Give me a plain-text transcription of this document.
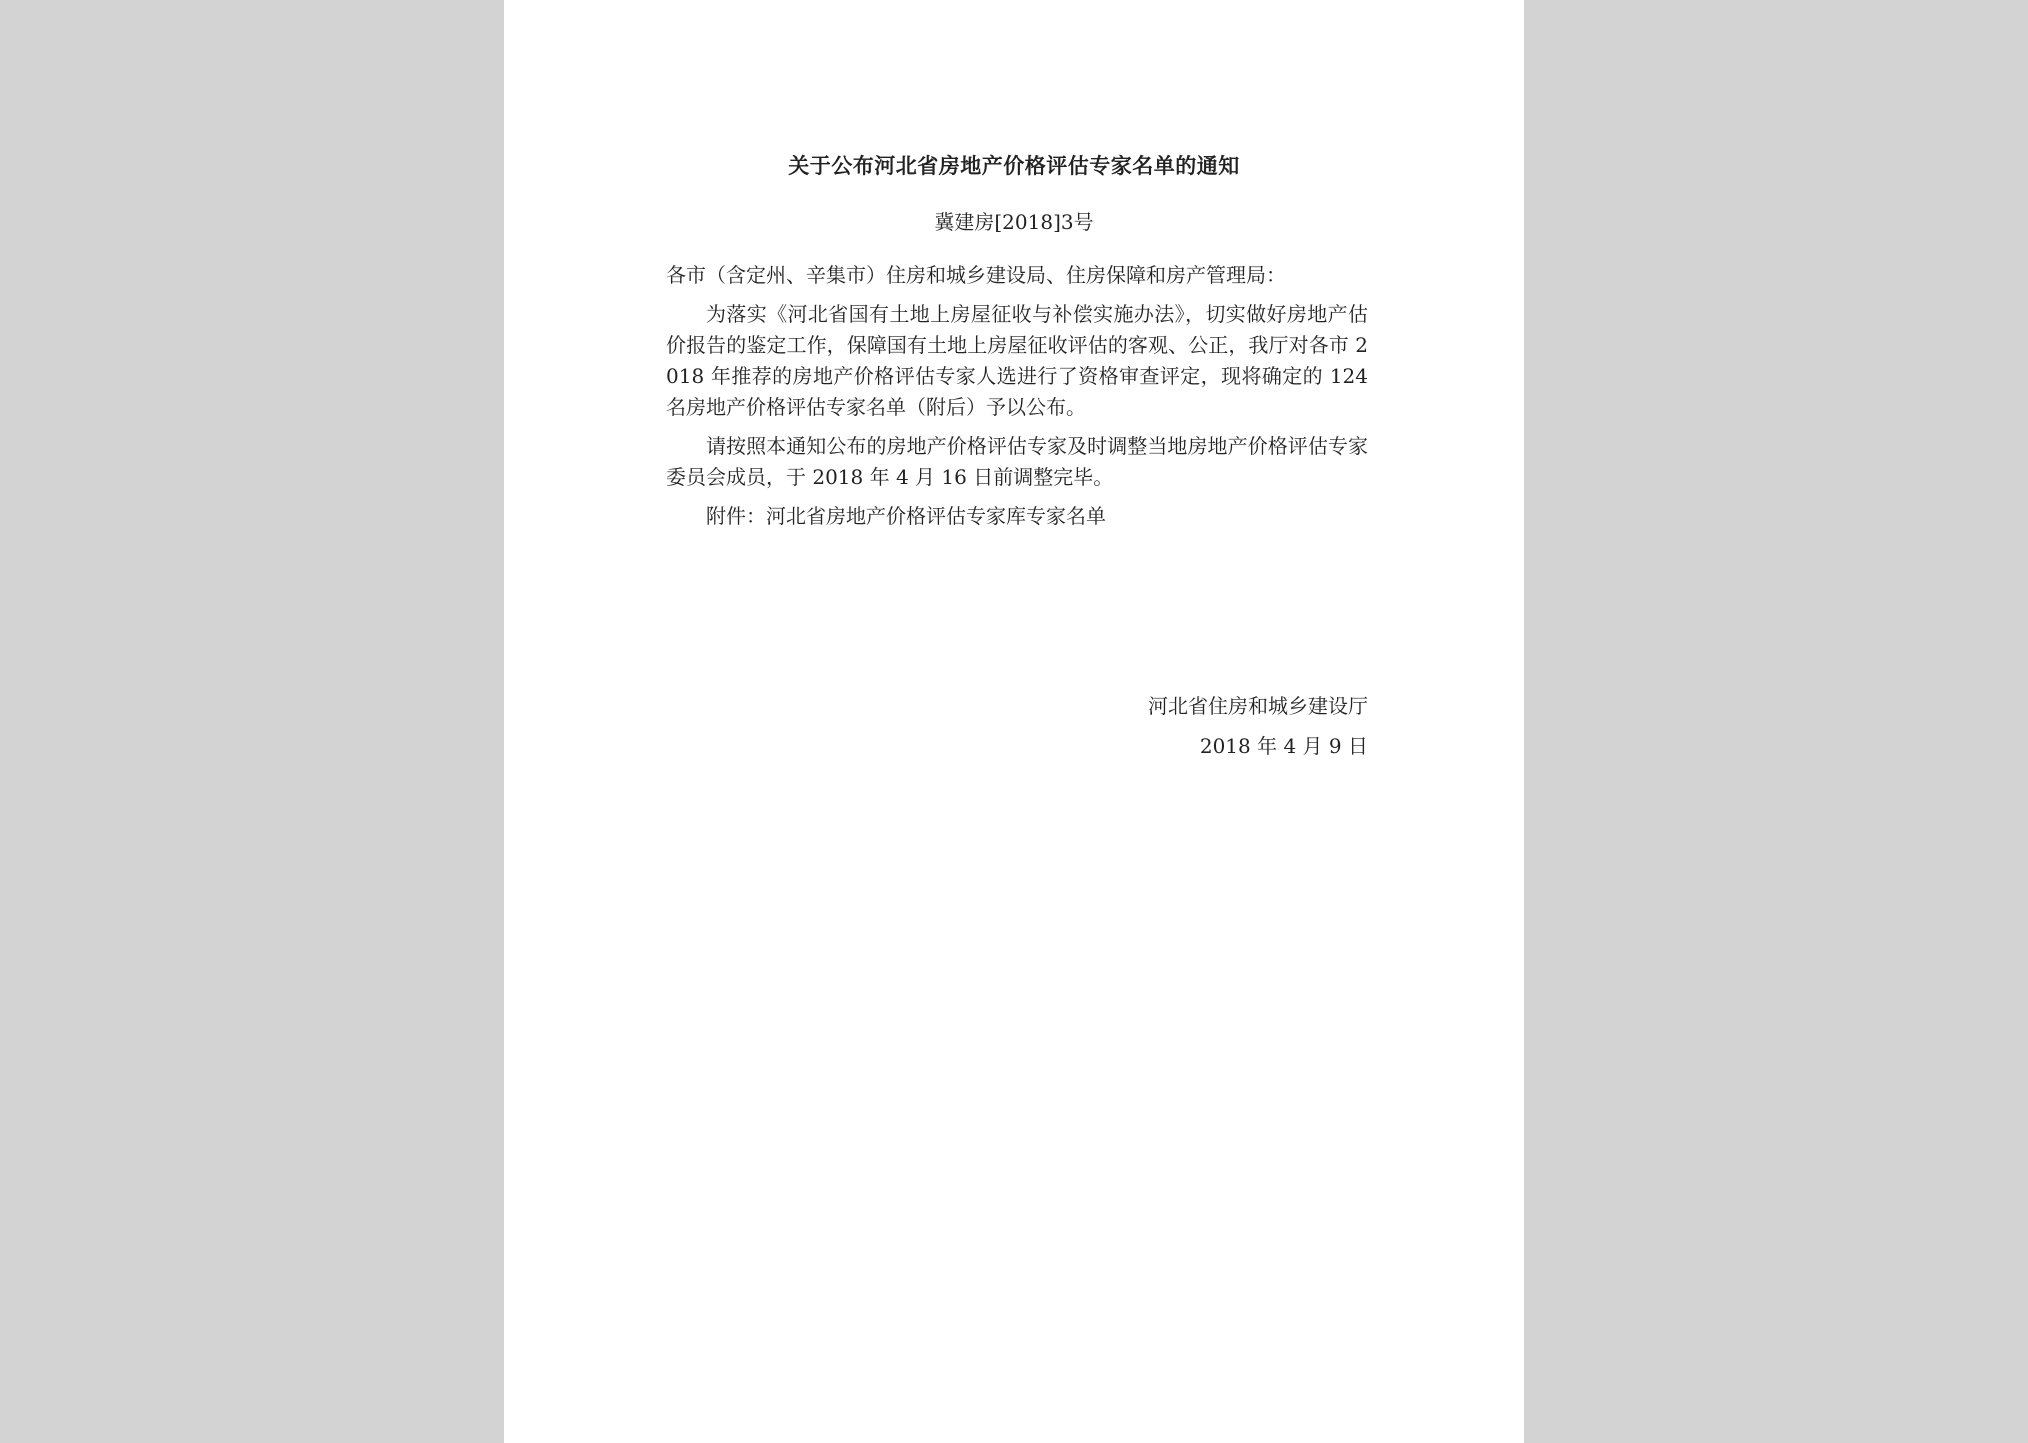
关于公布河北省房地产价格评估专家名单的通知
冀建房[2018]3号

各市（含定州、辛集市）住房和城乡建设局、住房保障和房产管理局：

为落实《河北省国有土地上房屋征收与补偿实施办法》，切实做好房地产估价报告的鉴定工作，保障国有土地上房屋征收评估的客观、公正，我厅对各市 2018 年推荐的房地产价格评估专家人选进行了资格审查评定，现将确定的 124 名房地产价格评估专家名单（附后）予以公布。

请按照本通知公布的房地产价格评估专家及时调整当地房地产价格评估专家委员会成员，于 2018 年 4 月 16 日前调整完毕。

附件：河北省房地产价格评估专家库专家名单

河北省住房和城乡建设厅
2018 年 4 月 9 日
